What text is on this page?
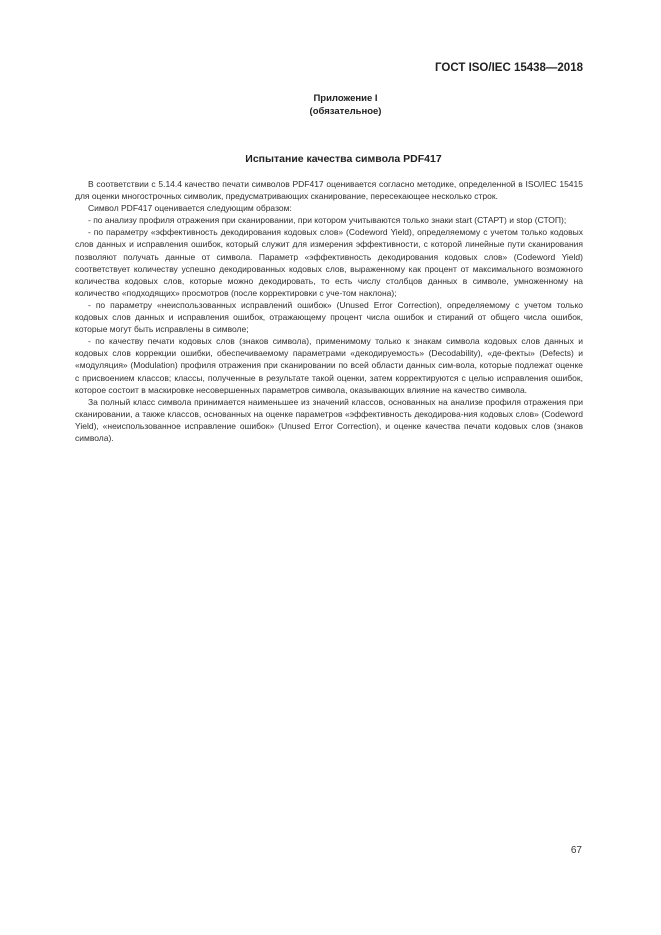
ГОСТ ISO/IEC 15438—2018
Приложение I
(обязательное)
Испытание качества символа PDF417

В соответствии с 5.14.4 качество печати символов PDF417 оценивается согласно методике, определенной в ISO/IEC 15415 для оценки многострочных символик, предусматривающих сканирование, пересекающее несколько строк.

Символ PDF417 оценивается следующим образом:

- по анализу профиля отражения при сканировании, при котором учитываются только знаки start (СТАРТ) и stop (СТОП);

- по параметру «эффективность декодирования кодовых слов» (Codeword Yield), определяемому с учетом только кодовых слов данных и исправления ошибок, который служит для измерения эффективности, с которой линейные пути сканирования позволяют получать данные от символа. Параметр «эффективность декодирования кодовых слов» (Codeword Yield) соответствует количеству успешно декодированных кодовых слов, выраженному как процент от максимального возможного количества кодовых слов, которые можно декодировать, то есть числу столбцов данных в символе, умноженному на количество «подходящих» просмотров (после корректировки с уче-том наклона);

- по параметру «неиспользованных исправлений ошибок» (Unused Error Correction), определяемому с учетом только кодовых слов данных и исправления ошибок, отражающему процент числа ошибок и стираний от общего числа ошибок, которые могут быть исправлены в символе;

- по качеству печати кодовых слов (знаков символа), применимому только к знакам символа кодовых слов данных и кодовых слов коррекции ошибки, обеспечиваемому параметрами «декодируемость» (Decodability), «де-фекты» (Defects) и «модуляция» (Modulation) профиля отражения при сканировании по всей области данных сим-вола, которые подлежат оценке с присвоением классов; классы, полученные в результате такой оценки, затем корректируются с целью исправления ошибок, которое состоит в маскировке несовершенных параметров символа, оказывающих влияние на качество символа.

За полный класс символа принимается наименьшее из значений классов, основанных на анализе профиля отражения при сканировании, а также классов, основанных на оценке параметров «эффективность декодирова-ния кодовых слов» (Codeword Yield), «неиспользованное исправление ошибок» (Unused Error Correction), и оценке качества печати кодовых слов (знаков символа).

67
